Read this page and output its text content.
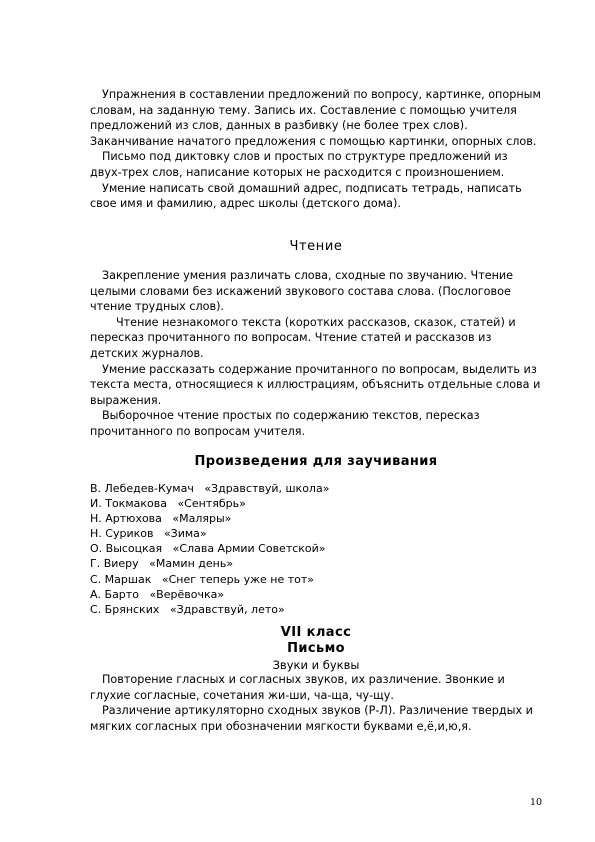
Упражнения в составлении предложений по вопросу, картинке, опорным словам, на заданную тему. Запись их. Составление с помощью учителя предложений из слов, данных в разбивку (не более трех слов). Заканчивание начатого предложения с помощью картинки, опорных слов.

Письмо под диктовку слов и простых по структуре предложений из двух-трех слов, написание которых не расходится с произношением.

Умение написать свой домашний адрес, подписать тетрадь, написать свое имя и фамилию, адрес школы (детского дома).

Чтение

Закрепление умения различать слова, сходные по звучанию. Чтение целыми словами без искажений звукового состава слова. (Послоговое чтение трудных слов).

Чтение незнакомого текста (коротких рассказов, сказок, статей) и пересказ прочитанного по вопросам. Чтение статей и рассказов из детских журналов.

Умение рассказать содержание прочитанного по вопросам, выделить из текста места, относящиеся к иллюстрациям, объяснить отдельные слова и выражения.

Выборочное чтение простых по содержанию текстов, пересказ прочитанного по вопросам учителя.

Произведения для заучивания
В. Лебедев-Кумач «Здравствуй, школа»
И. Токмакова «Сентябрь»
Н. Артюхова «Маляры»
Н. Суриков «Зима»
О. Высоцкая «Слава Армии Советской»
Г. Виеру «Мамин день»
С. Маршак «Снег теперь уже не тот»
А. Барто «Верёвочка»
С. Брянских «Здравствуй, лето»
VII класс
Письмо
Звуки и буквы

Повторение гласных и согласных звуков, их различение. Звонкие и глухие согласные, сочетания жи-ши, ча-ща, чу-щу.

Различение артикуляторно сходных звуков (Р-Л). Различение твердых и мягких согласных при обозначении мягкости буквами е,ё,и,ю,я.

10
